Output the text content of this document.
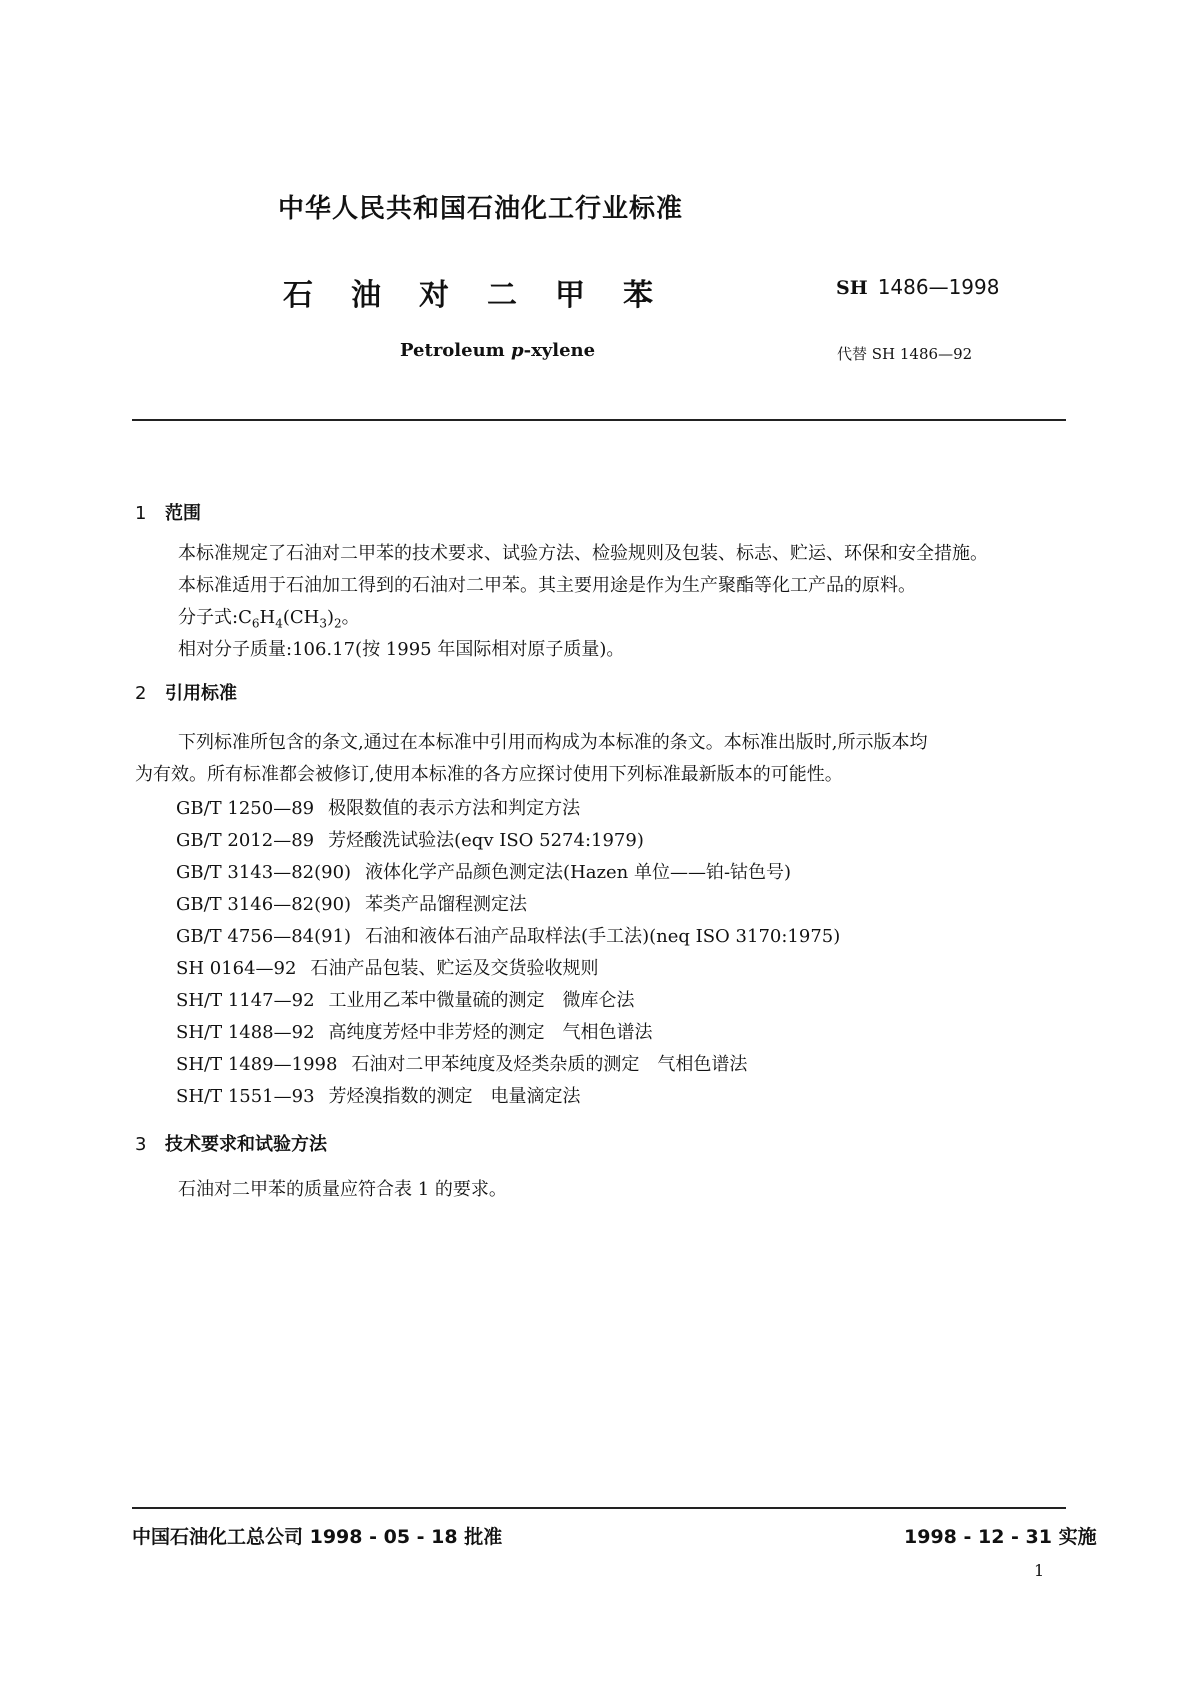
中华人民共和国石油化工行业标准
石 油 对 二 甲 苯	SH 1486—1998
Petroleum p-xylene	代替 SH 1486—92
1 范围
本标准规定了石油对二甲苯的技术要求、试验方法、检验规则及包装、标志、贮运、环保和安全措施。
本标准适用于石油加工得到的石油对二甲苯。其主要用途是作为生产聚酯等化工产品的原料。
分子式$:C_6H_4(CH_3)_2$。
相对分子质量:106.17(按 1995 年国际相对原子质量)。
2 引用标准
下列标准所包含的条文,通过在本标准中引用而构成为本标准的条文。本标准出版时,所示版本均
为有效。所有标准都会被修订,使用本标准的各方应探讨使用下列标准最新版本的可能性。
GB/T 1250—89 极限数值的表示方法和判定方法
GB/T 2012—89 芳烃酸洗试验法(eqv ISO 5274:1979)
GB/T 3143—82(90) 液体化学产品颜色测定法(Hazen 单位——铂-钴色号)
GB/T 3146—82(90) 苯类产品馏程测定法
GB/T 4756—84(91) 石油和液体石油产品取样法(手工法)(neq ISO 3170:1975)
SH 0164—92 石油产品包装、贮运及交货验收规则
SH/T 1147—92 工业用乙苯中微量硫的测定　微库仑法
SH/T 1488—92 高纯度芳烃中非芳烃的测定　气相色谱法
SH/T 1489—1998 石油对二甲苯纯度及烃类杂质的测定　气相色谱法
SH/T 1551—93 芳烃溴指数的测定　电量滴定法
3 技术要求和试验方法
石油对二甲苯的质量应符合表 1 的要求。
中国石油化工总公司 1998 - 05 - 18 批准	1998 - 12 - 31 实施
1
